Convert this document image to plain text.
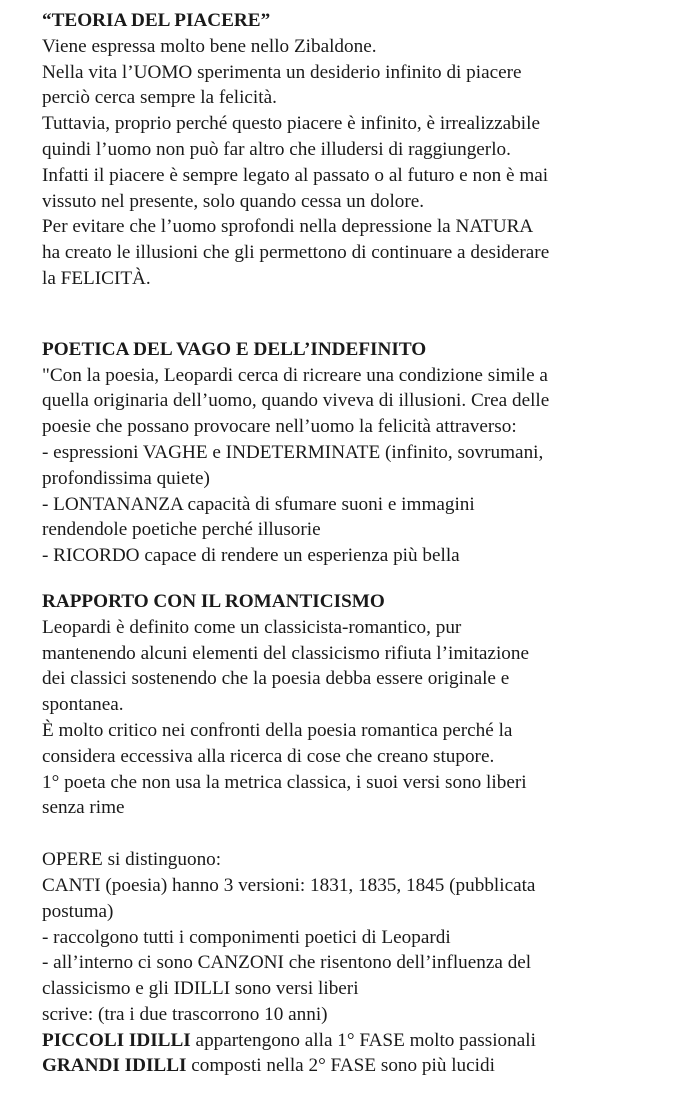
“TEORIA DEL PIACERE”
Viene espressa molto bene nello Zibaldone.
Nella vita l’UOMO sperimenta un desiderio infinito di piacere
perciò cerca sempre la felicità.
Tuttavia, proprio perché questo piacere è infinito, è irrealizzabile
quindi l’uomo non può far altro che illudersi di raggiungerlo.
Infatti il piacere è sempre legato al passato o al futuro e non è mai
vissuto nel presente, solo quando cessa un dolore.
Per evitare che l’uomo sprofondi nella depressione la NATURA
ha creato le illusioni che gli permettono di continuare a desiderare
la FELICITÀ.
POETICA DEL VAGO E DELL’INDEFINITO
"Con la poesia, Leopardi cerca di ricreare una condizione simile a
quella originaria dell’uomo, quando viveva di illusioni. Crea delle
poesie che possano provocare nell’uomo la felicità attraverso:
- espressioni VAGHE e INDETERMINATE (infinito, sovrumani,
profondissima quiete)
- LONTANANZA capacità di sfumare suoni e immagini
rendendole poetiche perché illusorie
- RICORDO capace di rendere un esperienza più bella
RAPPORTO CON IL ROMANTICISMO
Leopardi è definito come un classicista-romantico, pur
mantenendo alcuni elementi del classicismo rifiuta l’imitazione
dei classici sostenendo che la poesia debba essere originale e
spontanea.
È molto critico nei confronti della poesia romantica perché la
considera eccessiva alla ricerca di cose che creano stupore.
1° poeta che non usa la metrica classica, i suoi versi sono liberi
senza rime
OPERE si distinguono:
CANTI (poesia) hanno 3 versioni: 1831, 1835, 1845 (pubblicata
postuma)
- raccolgono tutti i componimenti poetici di Leopardi
- all’interno ci sono CANZONI che risentono dell’influenza del
classicismo e gli IDILLI sono versi liberi
scrive: (tra i due trascorrono 10 anni)
PICCOLI IDILLI appartengono alla 1° FASE molto passionali
GRANDI IDILLI composti nella 2° FASE sono più lucidi
